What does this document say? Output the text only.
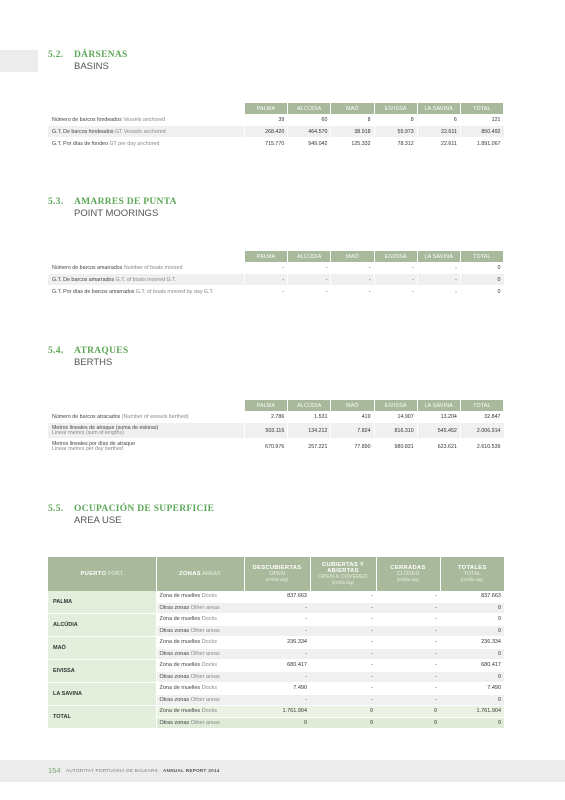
5.2. DÁRSENAS
BASINS
	PALMA	ALCÚDIA	MAÓ	EIVISSA	LA SAVINA	TOTAL
Número de barcos fondeados Vessels anchored	39	60	8	8	6	121
G.T. De barcos fondeados GT Vessels anchored	268.420	464.570	38.918	55.973	22.611	850.492
G.T. Por días de fondeo GT per day anchored	715.770	949.042	125.332	78.312	22.611	1.891.067
5.3. AMARRES DE PUNTA
POINT MOORINGS
	PALMA	ALCÚDIA	MAÓ	EIVISSA	LA SAVINA	TOTAL
Número de barcos amarrados Number of boats moored	-	-	-	-	-	0
G.T. De barcos amarrados G.T. of boats moored G.T.	-	-	-	-	-	0
G.T. Por días de barcos amarrados G.T. of boats moored by day G.T.	-	-	-	-	-	0
5.4. ATRAQUES
BERTHS
	PALMA	ALCÚDIA	MAÓ	EIVISSA	LA SAVINA	TOTAL
Número de barcos atracados (Number of vessels berthed)	2.786	1.531	419	14.907	13.204	32.847
Metros lineales de atraque (suma de esloras)
Linear metres (sum of lengths)	503.116	134.212	7.824	816.310	545.452	2.006.914
Metros lineales por días de atraque
Linear metres per day berthed	670.976	257.221	77.890	980.831	623.621	2.610.539
5.5. OCUPACIÓN DE SUPERFICIE
AREA USE
PUERTO PORT	ZONAS AREAS	DESCUBIERTAS
OPEN
(m²/día day)	CUBIERTAS Y
ABIERTAS
OPEN & COVERED
(m²/día day)	CERRADAS
CLOSED
(m²/día day)	TOTALES
TOTAL
(m²/día day)
PALMA	Zona de muelles Docks	837.663	-	-	837.663
	Otras zonas Other areas	-	-	-	0
ALCÚDIA	Zona de muelles Docks	-	-	-	0
	Otras zonas Other areas	-	-	-	0
MAÓ	Zona de muelles Docks	236.334	-	-	236.334
	Otras zonas Other areas	-	-	-	0
EIVISSA	Zona de muelles Docks	680.417	-	-	680.417
	Otras zonas Other areas	-	-	-	0
LA SAVINA	Zona de muelles Docks	7.490	-	-	7.490
	Otras zonas Other areas	-	-	-	0
TOTAL	Zona de muelles Docks	1.761.904	0	0	1.761.904
	Otras zonas Other areas	0	0	0	0
154 AUTORITAT PORTUÀRIA DE BALEARS · ANNUAL REPORT 2014
